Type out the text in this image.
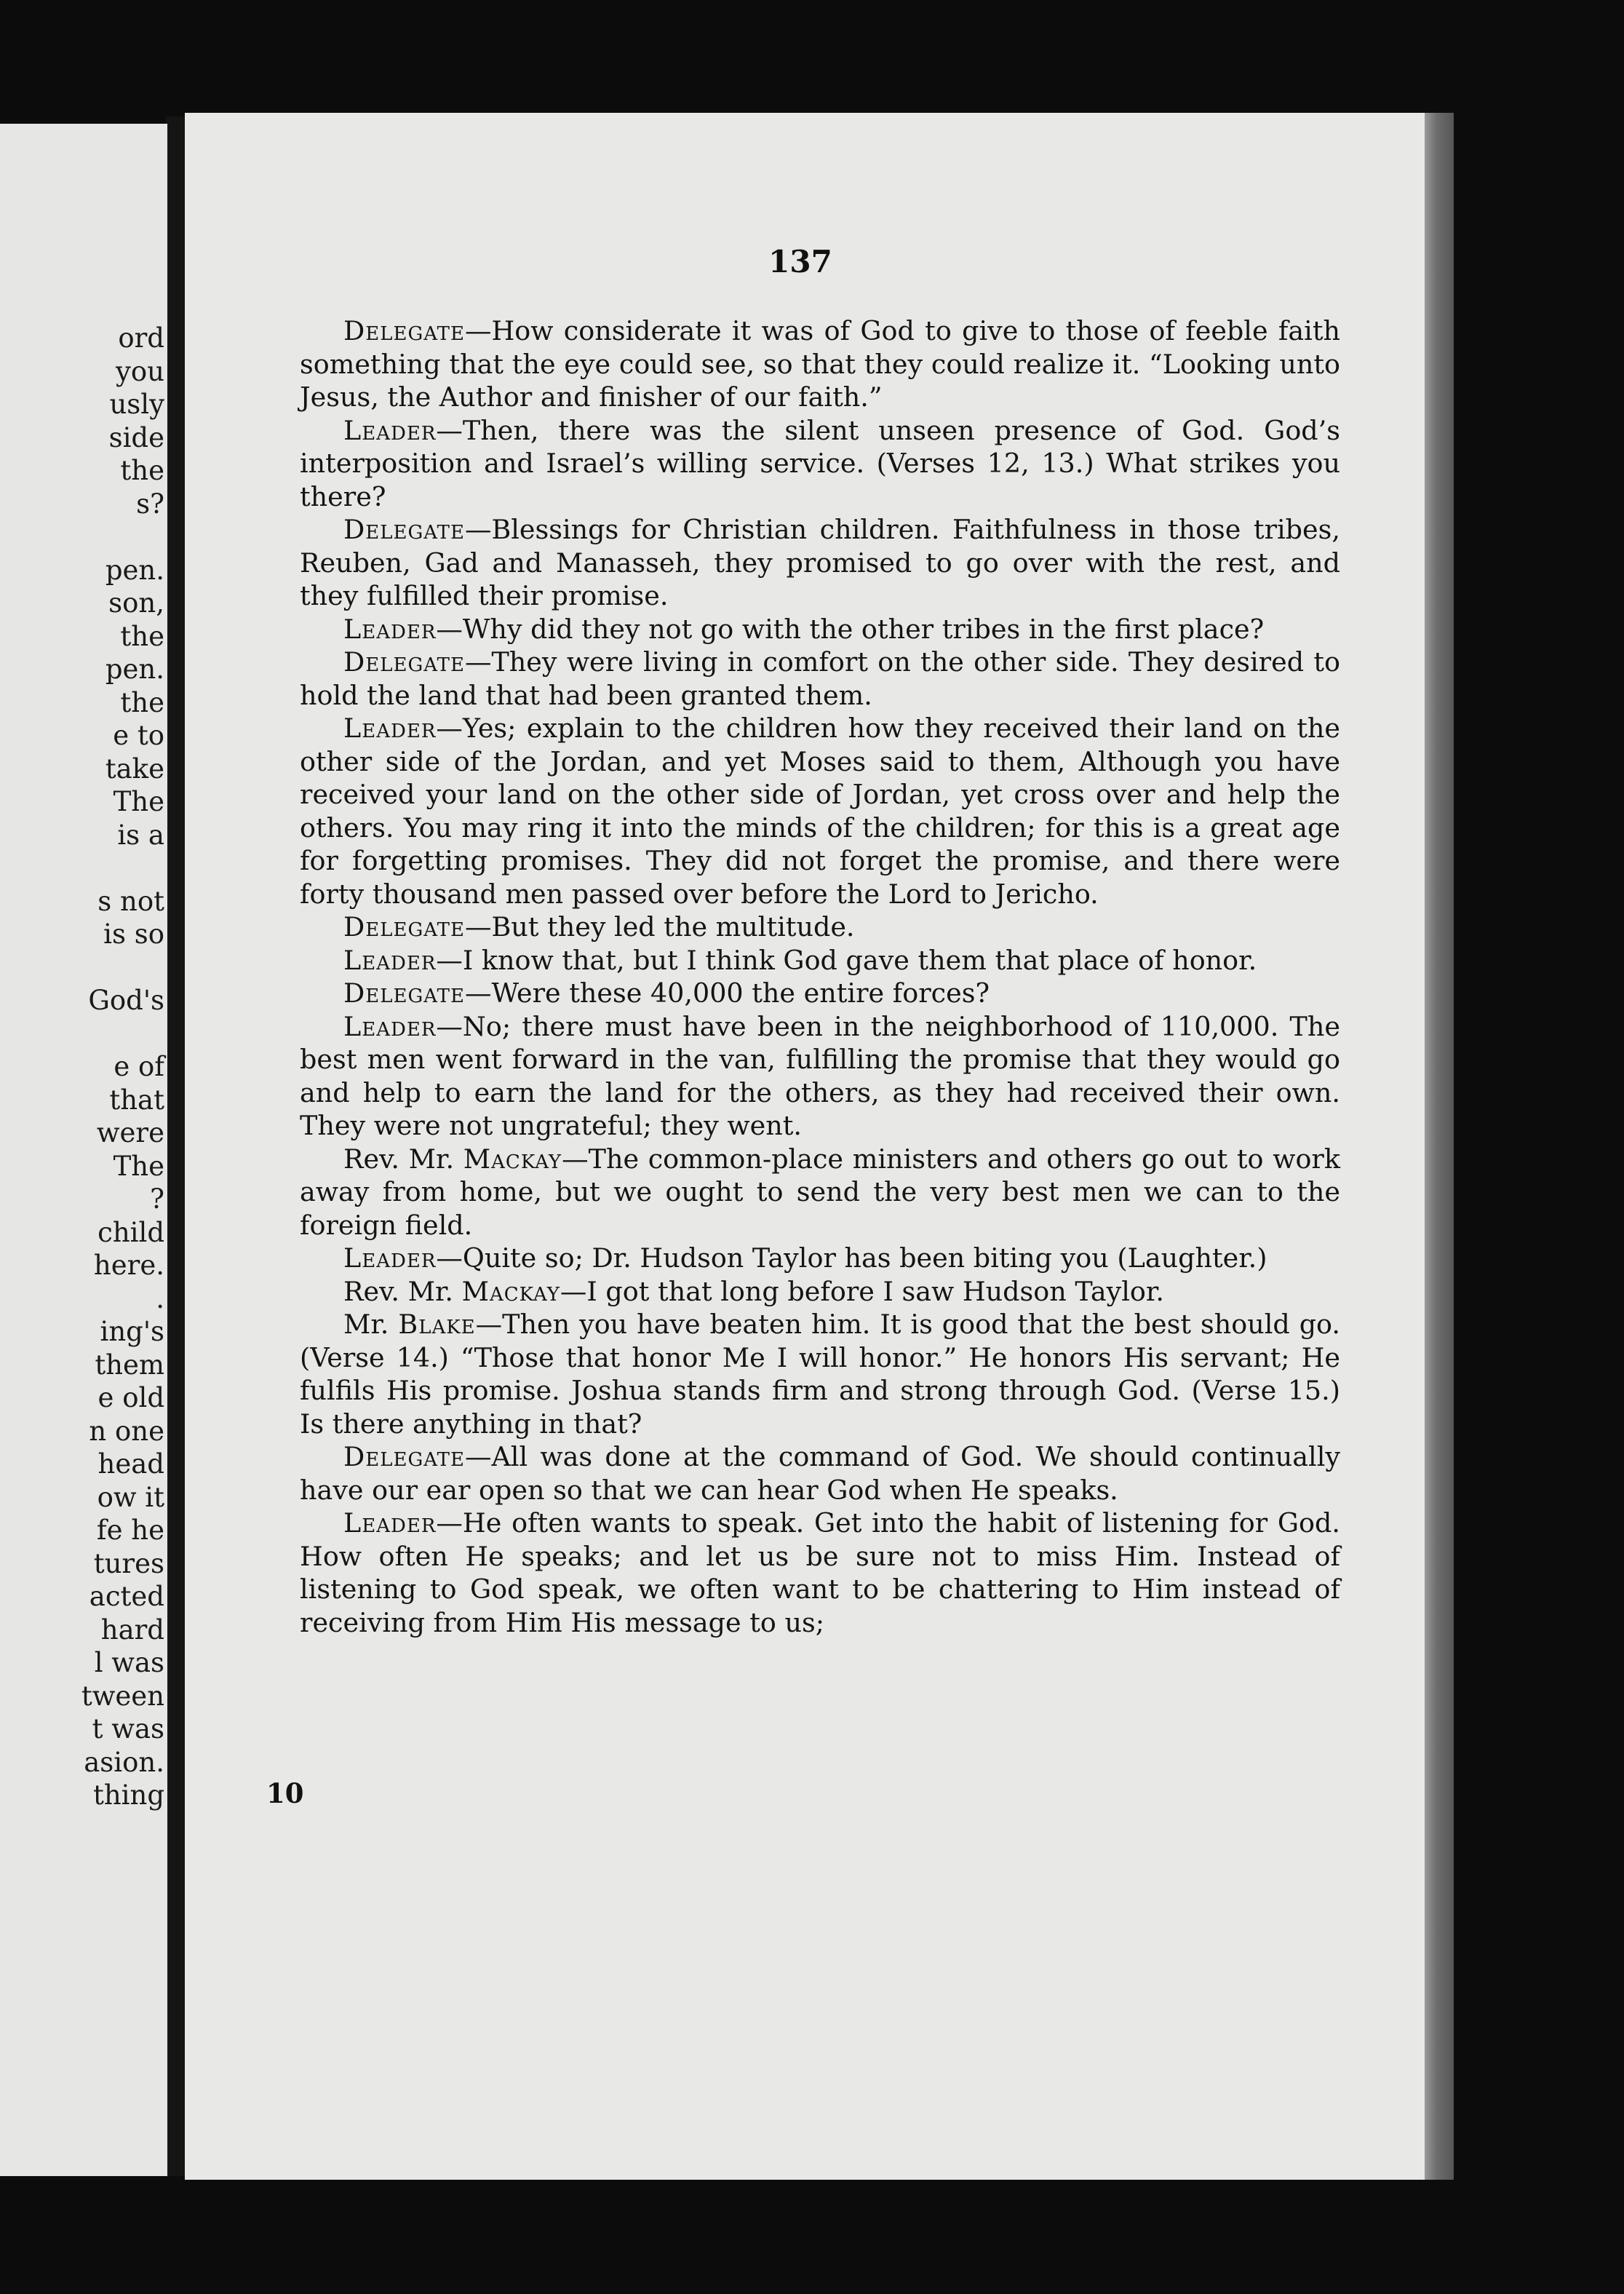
ord
you
usly
side
the
s?
pen.
son,
the
pen.
the
e to
take
The
is a
s not
is so
God's
e of
that
were
The
?
child
here.
.
ing's
them
e old
n one
head
ow it
fe he
tures
acted
hard
l was
tween
t was
asion.
thing
137

Delegate—How considerate it was of God to give to those of feeble faith something that the eye could see, so that they could realize it. “Looking unto Jesus, the Author and finisher of our faith.”

Leader—Then, there was the silent unseen presence of God. God’s interposition and Israel’s willing service. (Verses 12, 13.) What strikes you there?

Delegate—Blessings for Christian children. Faithfulness in those tribes, Reuben, Gad and Manasseh, they promised to go over with the rest, and they fulfilled their promise.

Leader—Why did they not go with the other tribes in the first place?

Delegate—They were living in comfort on the other side. They desired to hold the land that had been granted them.

Leader—Yes; explain to the children how they received their land on the other side of the Jordan, and yet Moses said to them, Although you have received your land on the other side of Jordan, yet cross over and help the others. You may ring it into the minds of the children; for this is a great age for forgetting promises. They did not forget the promise, and there were forty thousand men passed over before the Lord to Jericho.

Delegate—But they led the multitude.

Leader—I know that, but I think God gave them that place of honor.

Delegate—Were these 40,000 the entire forces?

Leader—No; there must have been in the neighborhood of 110,000. The best men went forward in the van, fulfilling the promise that they would go and help to earn the land for the others, as they had received their own. They were not ungrateful; they went.

Rev. Mr. Mackay—The common-place ministers and others go out to work away from home, but we ought to send the very best men we can to the foreign field.

Leader—Quite so; Dr. Hudson Taylor has been biting you (Laughter.)

Rev. Mr. Mackay—I got that long before I saw Hudson Taylor.

Mr. Blake—Then you have beaten him. It is good that the best should go. (Verse 14.) “Those that honor Me I will honor.” He honors His servant; He fulfils His promise. Joshua stands firm and strong through God. (Verse 15.) Is there anything in that?

Delegate—All was done at the command of God. We should continually have our ear open so that we can hear God when He speaks.

Leader—He often wants to speak. Get into the habit of listening for God. How often He speaks; and let us be sure not to miss Him. Instead of listening to God speak, we often want to be chattering to Him instead of receiving from Him His message to us;

10
